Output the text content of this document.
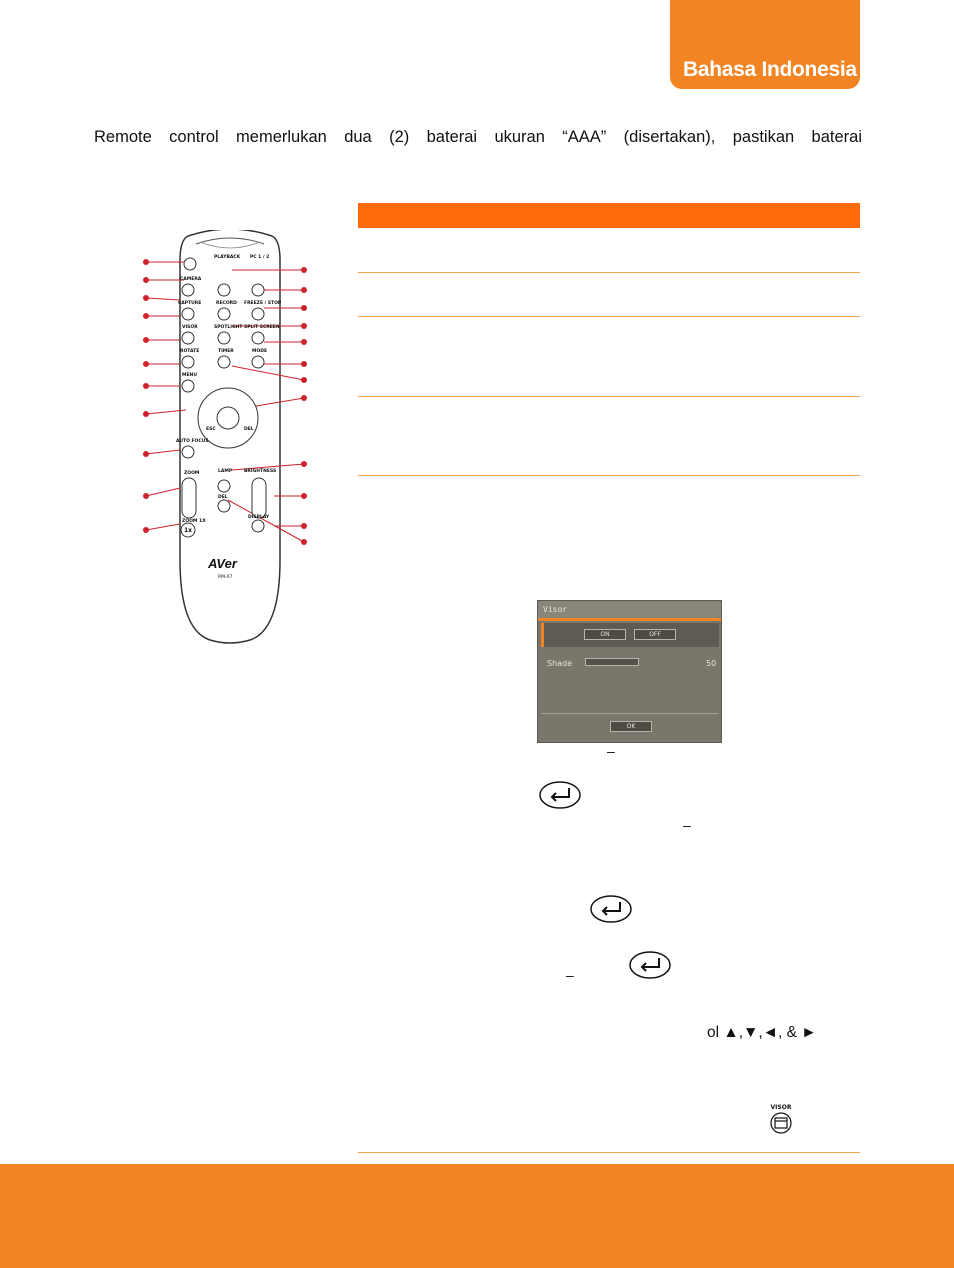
Bahasa Indonesia
Remote control memerlukan dua (2) baterai ukuran “AAA” (disertakan), pastikan baterai
CAMERA
PLAYBACK PC 1 / 2
CAPTURE	RECORD FREEZE / STOP
VISOR	SPOTLIGHT SPLIT SCREEN
ROTATE	TIMER	MODE
MENU
ESC	DEL
AUTO FOCUS
ZOOM	LAMP	BRIGHTNESS
ZOOM 1X
DEL
DISPLAY
1x
AVer
RM-X7
Visor
ON	OFF
Shade	50
OK
–
–
–
ol ▲,▼,◄, & ►
VISOR
